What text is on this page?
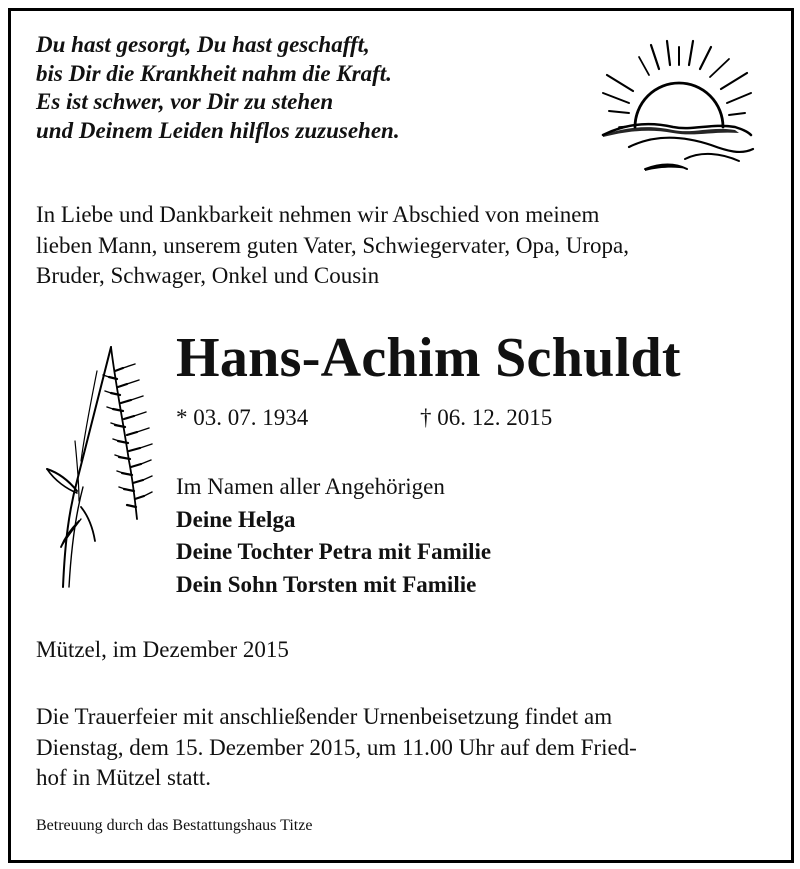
Du hast gesorgt, Du hast geschafft,
bis Dir die Krankheit nahm die Kraft.
Es ist schwer, vor Dir zu stehen
und Deinem Leiden hilflos zuzusehen.
In Liebe und Dankbarkeit nehmen wir Abschied von meinem
lieben Mann, unserem guten Vater, Schwiegervater, Opa, Uropa,
Bruder, Schwager, Onkel und Cousin
Hans-Achim Schuldt
* 03. 07. 1934	† 06. 12. 2015
Im Namen aller Angehörigen
Deine Helga
Deine Tochter Petra mit Familie
Dein Sohn Torsten mit Familie
Mützel, im Dezember 2015
Die Trauerfeier mit anschließender Urnenbeisetzung findet am
Dienstag, dem 15. Dezember 2015, um 11.00 Uhr auf dem Fried-
hof in Mützel statt.
Betreuung durch das Bestattungshaus Titze
